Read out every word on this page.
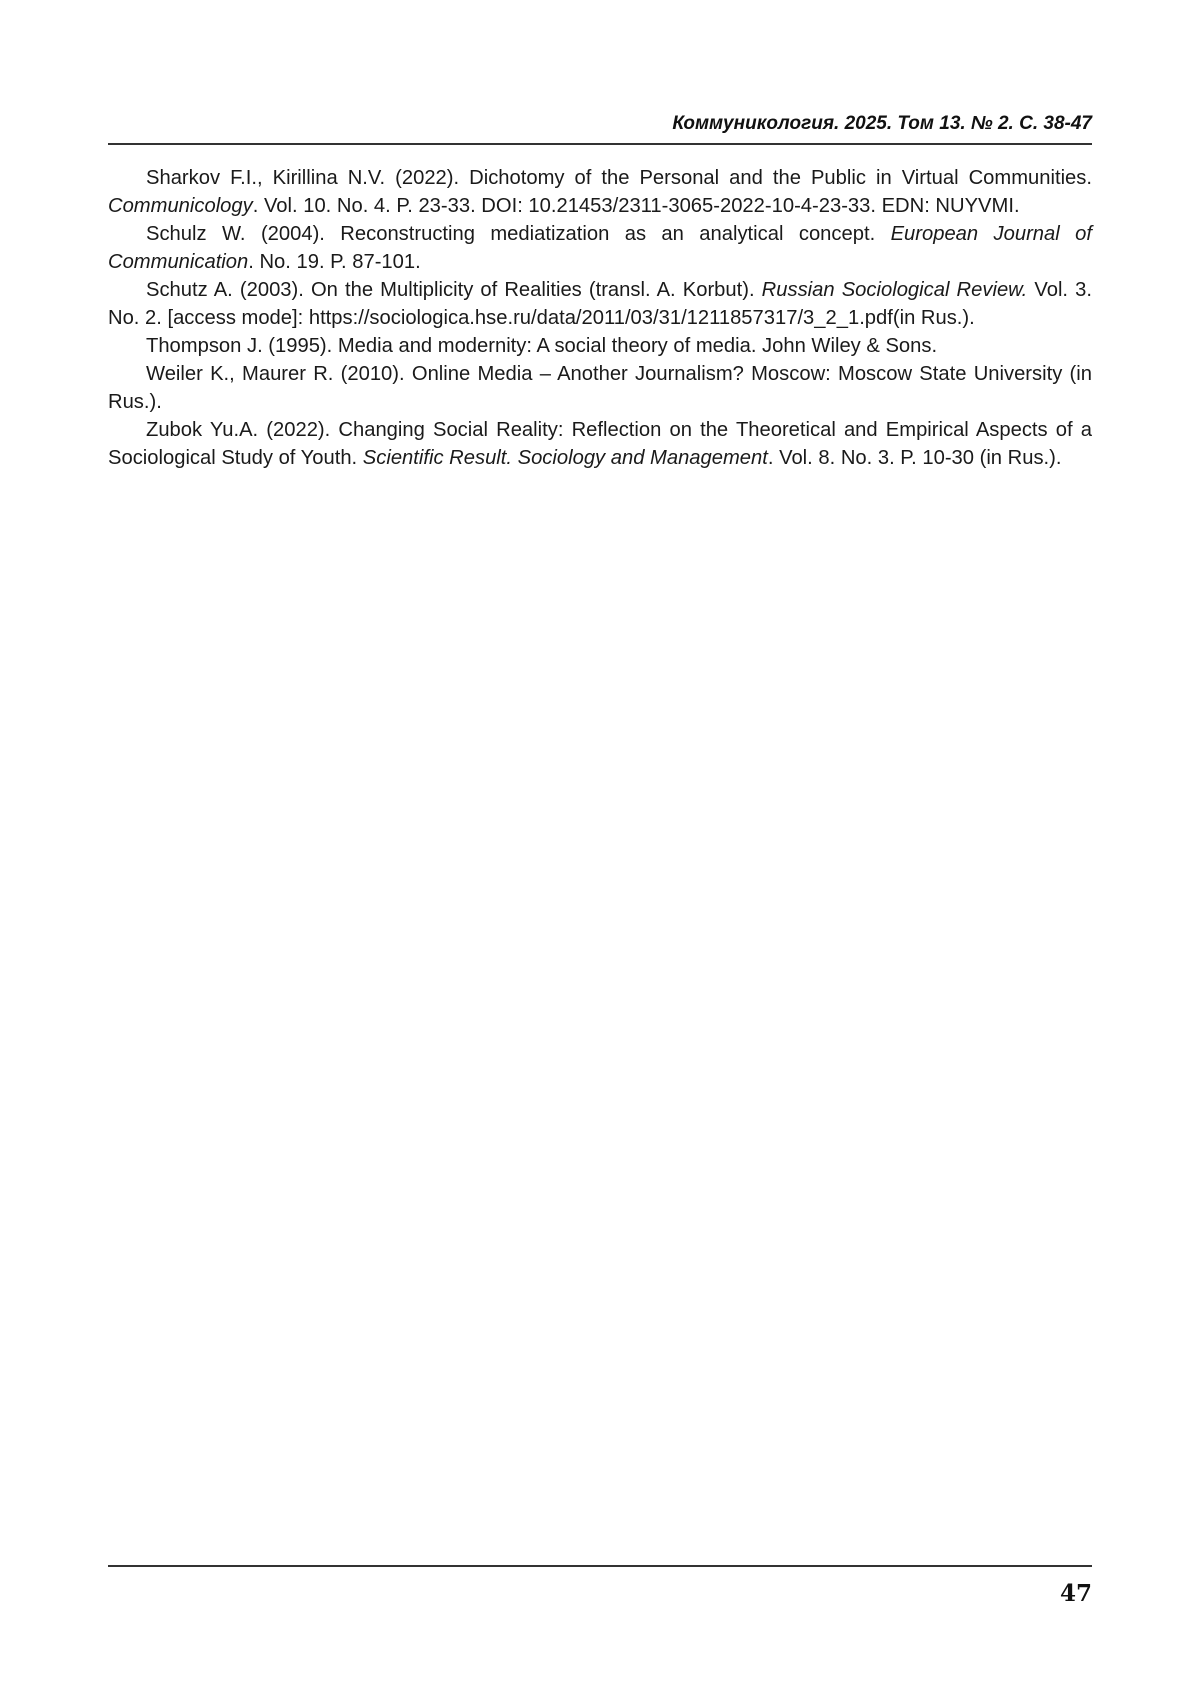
Коммуникология. 2025. Том 13. № 2. С. 38-47

Sharkov F.I., Kirillina N.V. (2022). Dichotomy of the Personal and the Public in Virtual Communities. Communicology. Vol. 10. No. 4. P. 23-33. DOI: 10.21453/2311-3065-2022-10-4-23-33. EDN: NUYVMI.

Schulz W. (2004). Reconstructing mediatization as an analytical concept. European Journal of Communication. No. 19. P. 87-101.

Schutz A. (2003). On the Multiplicity of Realities (transl. A. Korbut). Russian Sociological Review. Vol. 3. No. 2. [access mode]: https://sociologica.hse.ru/data/2011/03/31/1211857317/3_2_1.pdf(in Rus.).

Thompson J. (1995). Media and modernity: A social theory of media. John Wiley & Sons.

Weiler K., Maurer R. (2010). Online Media – Another Journalism? Moscow: Moscow State University (in Rus.).

Zubok Yu.A. (2022). Changing Social Reality: Reflection on the Theoretical and Empirical Aspects of a Sociological Study of Youth. Scientific Result. Sociology and Management. Vol. 8. No. 3. P. 10-30 (in Rus.).

47
